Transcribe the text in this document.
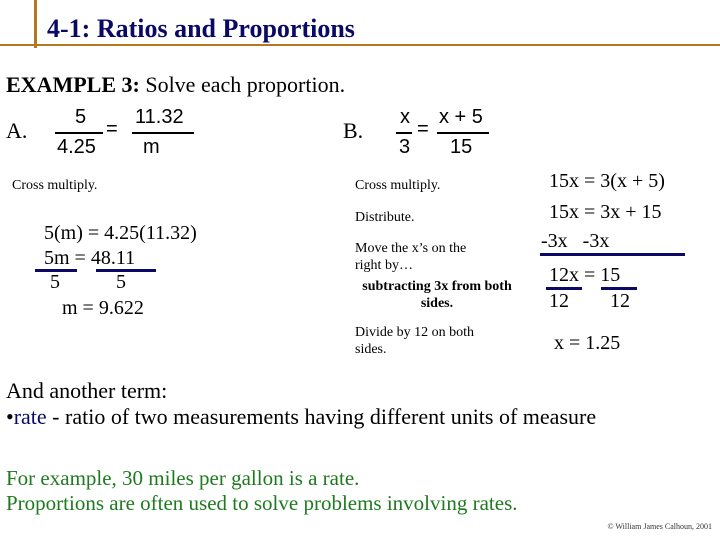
4-1: Ratios and Proportions
EXAMPLE 3: Solve each proportion.
A.
5
4.25
=
11.32
m
B.
x
3
=
x + 5
15
Cross multiply.
5(m) = 4.25(11.32)
5m = 48.11
5	5
m = 9.622
Cross multiply.
Distribute.
Move the x’s on the right by…
subtracting 3x from both sides.
Divide by 12 on both sides.
15x = 3(x + 5)
15x = 3x + 15
-3x   -3x
12x = 15
12 12
x = 1.25
And another term:
•rate - ratio of two measurements having different units of measure
For example, 30 miles per gallon is a rate.
Proportions are often used to solve problems involving rates.
© William James Calhoun, 2001
